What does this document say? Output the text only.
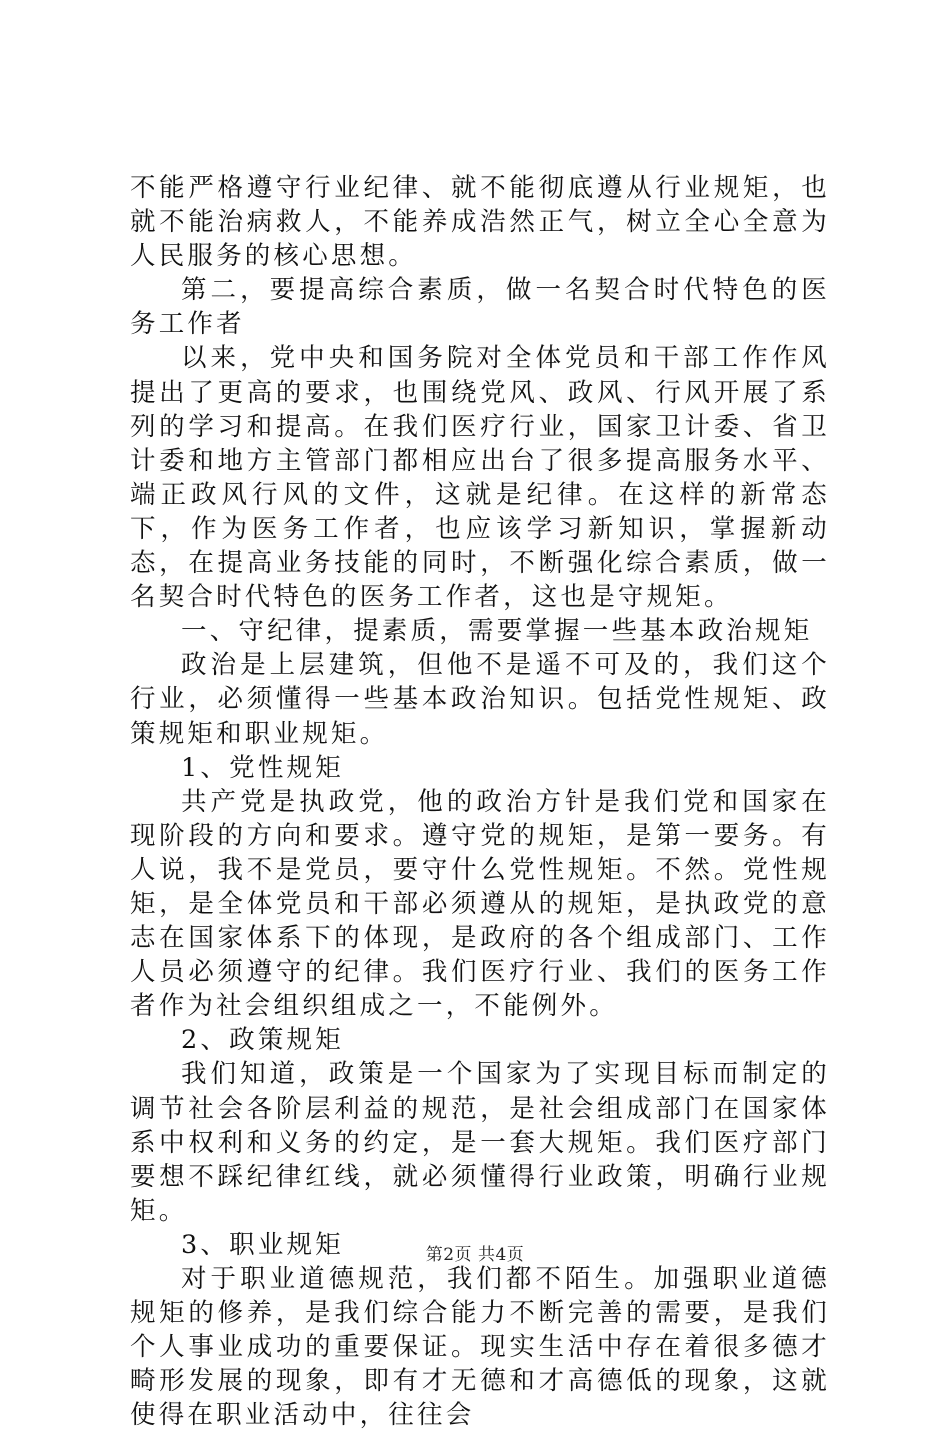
不能严格遵守行业纪律、就不能彻底遵从行业规矩，也就不能治病救人，不能养成浩然正气，树立全心全意为人民服务的核心思想。

第二，要提高综合素质，做一名契合时代特色的医务工作者

以来，党中央和国务院对全体党员和干部工作作风提出了更高的要求，也围绕党风、政风、行风开展了系列的学习和提高。在我们医疗行业，国家卫计委、省卫计委和地方主管部门都相应出台了很多提高服务水平、端正政风行风的文件，这就是纪律。在这样的新常态下，作为医务工作者，也应该学习新知识，掌握新动态，在提高业务技能的同时，不断强化综合素质，做一名契合时代特色的医务工作者，这也是守规矩。

一、守纪律，提素质，需要掌握一些基本政治规矩

政治是上层建筑，但他不是遥不可及的，我们这个行业，必须懂得一些基本政治知识。包括党性规矩、政策规矩和职业规矩。

1、党性规矩

共产党是执政党，他的政治方针是我们党和国家在现阶段的方向和要求。遵守党的规矩，是第一要务。有人说，我不是党员，要守什么党性规矩。不然。党性规矩，是全体党员和干部必须遵从的规矩，是执政党的意志在国家体系下的体现，是政府的各个组成部门、工作人员必须遵守的纪律。我们医疗行业、我们的医务工作者作为社会组织组成之一，不能例外。

2、政策规矩

我们知道，政策是一个国家为了实现目标而制定的调节社会各阶层利益的规范，是社会组成部门在国家体系中权利和义务的约定，是一套大规矩。我们医疗部门要想不踩纪律红线，就必须懂得行业政策，明确行业规矩。

3、职业规矩

对于职业道德规范，我们都不陌生。加强职业道德规矩的修养，是我们综合能力不断完善的需要，是我们个人事业成功的重要保证。现实生活中存在着很多德才畸形发展的现象，即有才无德和才高德低的现象，这就使得在职业活动中，往往会

第2页 共4页
